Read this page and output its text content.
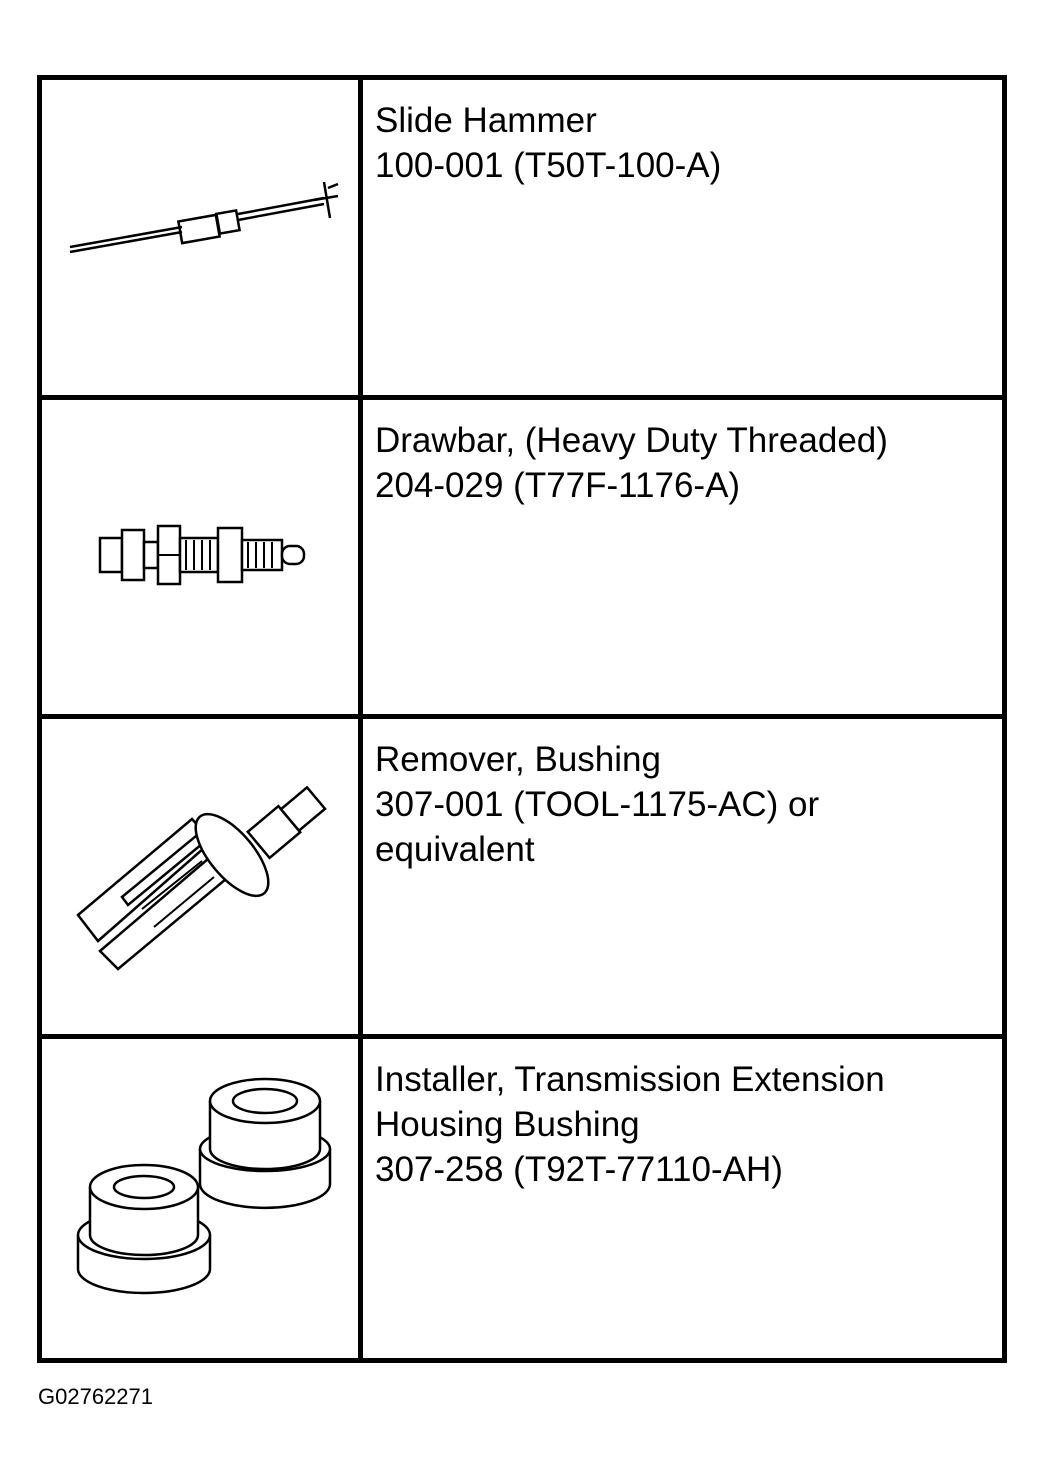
Slide Hammer
100-001 (T50T-100-A)
Drawbar, (Heavy Duty Threaded)
204-029 (T77F-1176-A)
Remover, Bushing
307-001 (TOOL-1175-AC) or
equivalent
Installer, Transmission Extension
Housing Bushing
307-258 (T92T-77110-AH)
G02762271
